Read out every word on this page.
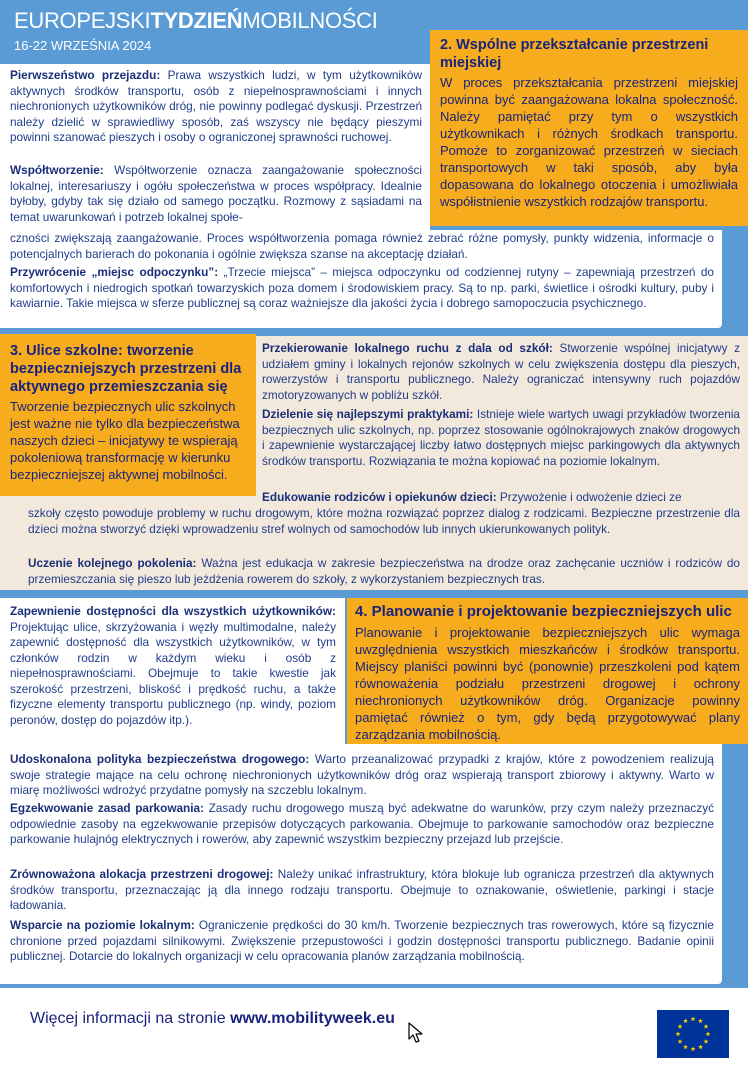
EUROPEJSKITYDZIEŃMOBILNOŚCI
16-22 WRZEŚNIA 2024
Pierwszeństwo przejazdu: Prawa wszystkich ludzi, w tym użytkowników aktywnych środków transportu, osób z niepełnosprawnościami i innych niechronionych użytkowników dróg, nie powinny podlegać dyskusji. Przestrzeń należy dzielić w sprawiedliwy sposób, zaś wszyscy nie będący pieszymi powinni szanować pieszych i osoby o ograniczonej sprawności ruchowej.
Współtworzenie: Współtworzenie oznacza zaangażowanie społeczności lokalnej, interesariuszy i ogółu społeczeństwa w proces współpracy. Idealnie byłoby, gdyby tak się działo od samego początku. Rozmowy z sąsiadami na temat uwarunkowań i potrzeb lokalnej społe-
czności zwiększają zaangażowanie. Proces współtworzenia pomaga również zebrać różne pomysły, punkty widzenia, informacje o potencjalnych barierach do pokonania i ogólnie zwiększa szanse na akceptację działań.
Przywrócenie „miejsc odpoczynku”: „Trzecie miejsca” – miejsca odpoczynku od codziennej rutyny – zapewniają przestrzeń do komfortowych i niedrogich spotkań towarzyskich poza domem i środowiskiem pracy. Są to np. parki, świetlice i ośrodki kultury, puby i kawiarnie. Takie miejsca w sferze publicznej są coraz ważniejsze dla jakości życia i dobrego samopoczucia psychicznego.
2. Wspólne przekształcanie przestrzeni miejskiej

W proces przekształcania przestrzeni miejskiej powinna być zaangażowana lokalna społeczność. Należy pamiętać przy tym o wszystkich użytkownikach i różnych środkach transportu. Pomoże to zorganizować przestrzeń w sieciach transportowych w taki sposób, aby była dopasowana do lokalnego otoczenia i umożliwiała współistnienie wszystkich rodzajów transportu.

3. Ulice szkolne: tworzenie bezpieczniejszych przestrzeni dla aktywnego przemieszczania się

Tworzenie bezpiecznych ulic szkolnych jest ważne nie tylko dla bezpieczeństwa naszych dzieci – inicjatywy te wspierają pokoleniową transformację w kierunku bezpieczniejszej aktywnej mobilności.

Przekierowanie lokalnego ruchu z dala od szkół: Stworzenie wspólnej inicjatywy z udziałem gminy i lokalnych rejonów szkolnych w celu zwiększenia dostępu dla pieszych, rowerzystów i transportu publicznego. Należy ograniczać intensywny ruch pojazdów zmotoryzowanych w pobliżu szkół.
Dzielenie się najlepszymi praktykami: Istnieje wiele wartych uwagi przykładów tworzenia bezpiecznych ulic szkolnych, np. poprzez stosowanie ogólnokrajowych znaków drogowych i zapewnienie wystarczającej liczby łatwo dostępnych miejsc parkingowych dla aktywnych środków transportu. Rozwiązania te można kopiować na poziomie lokalnym.
Edukowanie rodziców i opiekunów dzieci: Przywożenie i odwożenie dzieci ze
szkoły często powoduje problemy w ruchu drogowym, które można rozwiązać poprzez dialog z rodzicami. Bezpieczne przestrzenie dla dzieci można stworzyć dzięki wprowadzeniu stref wolnych od samochodów lub innych ukierunkowanych polityk.
Uczenie kolejnego pokolenia: Ważna jest edukacja w zakresie bezpieczeństwa na drodze oraz zachęcanie uczniów i rodziców do przemieszczania się pieszo lub jeżdżenia rowerem do szkoły, z wykorzystaniem bezpiecznych tras.
4. Planowanie i projektowanie bezpieczniejszych ulic

Planowanie i projektowanie bezpieczniejszych ulic wymaga uwzględnienia wszystkich mieszkańców i środków transportu. Miejscy planiści powinni być (ponownie) przeszkoleni pod kątem równoważenia podziału przestrzeni drogowej i ochrony niechronionych użytkowników dróg. Organizacje powinny pamiętać również o tym, gdy będą przygotowywać plany zarządzania mobilnością.

Zapewnienie dostępności dla wszystkich użytkowników: Projektując ulice, skrzyżowania i węzły multimodalne, należy zapewnić dostępność dla wszystkich użytkowników, w tym członków rodzin w każdym wieku i osób z niepełnosprawnościami. Obejmuje to takie kwestie jak szerokość przestrzeni, bliskość i prędkość ruchu, a także fizyczne elementy transportu publicznego (np. windy, poziom peronów, dostęp do pojazdów itp.).
Udoskonalona polityka bezpieczeństwa drogowego: Warto przeanalizować przypadki z krajów, które z powodzeniem realizują swoje strategie mające na celu ochronę niechronionych użytkowników dróg oraz wspierają transport zbiorowy i aktywny. Warto w miarę możliwości wdrożyć przydatne pomysły na szczeblu lokalnym.
Egzekwowanie zasad parkowania: Zasady ruchu drogowego muszą być adekwatne do warunków, przy czym należy przeznaczyć odpowiednie zasoby na egzekwowanie przepisów dotyczących parkowania. Obejmuje to parkowanie samochodów oraz bezpieczne parkowanie hulajnóg elektrycznych i rowerów, aby zapewnić wszystkim bezpieczny przejazd lub przejście.
Zrównoważona alokacja przestrzeni drogowej: Należy unikać infrastruktury, która blokuje lub ogranicza przestrzeń dla aktywnych środków transportu, przeznaczając ją dla innego rodzaju transportu. Obejmuje to oznakowanie, oświetlenie, parkingi i stacje ładowania.
Wsparcie na poziomie lokalnym: Ograniczenie prędkości do 30 km/h. Tworzenie bezpiecznych tras rowerowych, które są fizycznie chronione przed pojazdami silnikowymi. Zwiększenie przepustowości i godzin dostępności transportu publicznego. Badanie opinii publicznej. Dotarcie do lokalnych organizacji w celu opracowania planów zarządzania mobilnością.
Więcej informacji na stronie www.mobilityweek.eu
